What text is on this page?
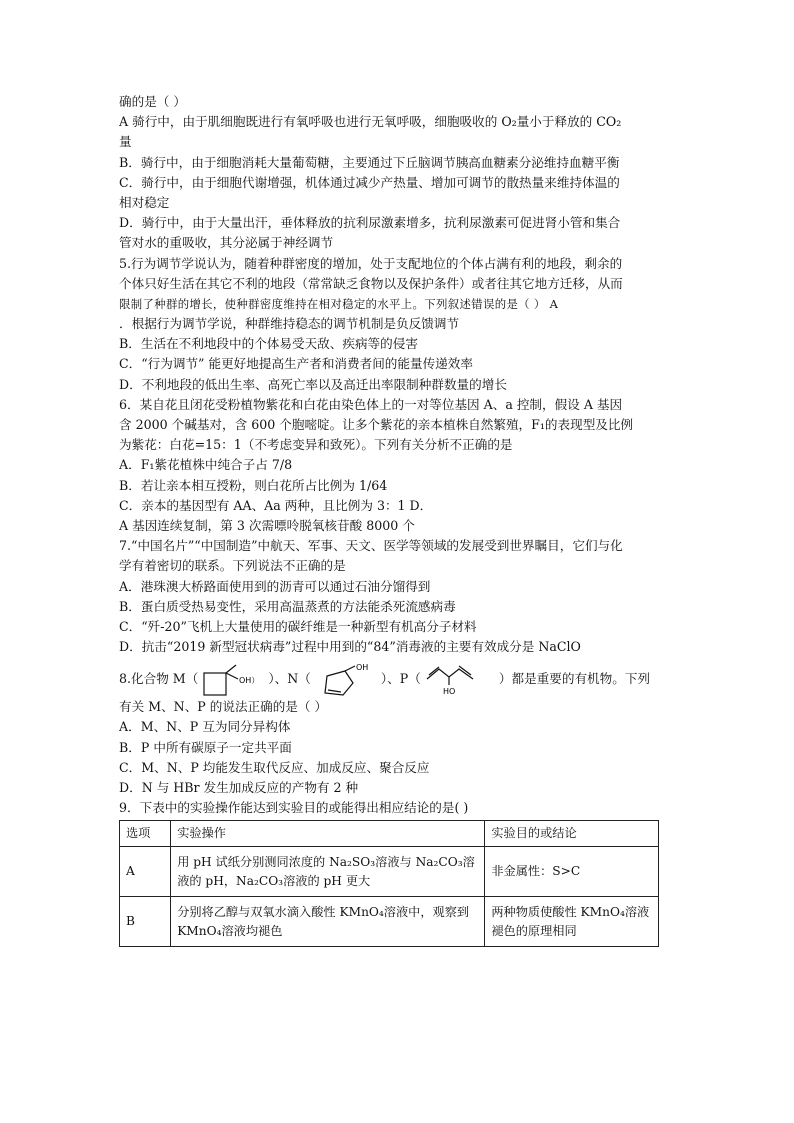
确的是（ ）
A 骑行中，由于肌细胞既进行有氧呼吸也进行无氧呼吸，细胞吸收的 O₂量小于释放的 CO₂
量
B．骑行中，由于细胞消耗大量葡萄糖，主要通过下丘脑调节胰高血糖素分泌维持血糖平衡
C．骑行中，由于细胞代谢增强，机体通过减少产热量、增加可调节的散热量来维持体温的
相对稳定
D．骑行中，由于大量出汗，垂体释放的抗利尿激素增多，抗利尿激素可促进肾小管和集合
管对水的重吸收，其分泌属于神经调节
5.行为调节学说认为，随着种群密度的增加，处于支配地位的个体占满有利的地段，剩余的
个体只好生活在其它不利的地段（常常缺乏食物以及保护条件）或者往其它地方迁移，从而
限制了种群的增长，使种群密度维持在相对稳定的水平上。下列叙述错误的是（ ） A
．根据行为调节学说，种群维持稳态的调节机制是负反馈调节
B．生活在不利地段中的个体易受天敌、疾病等的侵害
C．“行为调节” 能更好地提高生产者和消费者间的能量传递效率
D．不利地段的低出生率、高死亡率以及高迁出率限制种群数量的增长
6．某自花且闭花受粉植物紫花和白花由染色体上的一对等位基因 A、a 控制，假设 A 基因
含 2000 个碱基对，含 600 个胞嘧啶。让多个紫花的亲本植株自然繁殖，F₁的表现型及比例
为紫花：白花=15：1（不考虑变异和致死）。下列有关分析不正确的是
A．F₁紫花植株中纯合子占 7/8
B．若让亲本相互授粉，则白花所占比例为 1/64
C．亲本的基因型有 AA、Aa 两种，且比例为 3：1 D．
A 基因连续复制，第 3 次需嘌呤脱氧核苷酸 8000 个
7.“中国名片”“中国制造”中航天、军事、天文、医学等领域的发展受到世界瞩目，它们与化
学有着密切的联系。下列说法不正确的是
A．港珠澳大桥路面使用到的沥青可以通过石油分馏得到
B．蛋白质受热易变性，采用高温蒸煮的方法能杀死流感病毒
C．“歼-20”飞机上大量使用的碳纤维是一种新型有机高分子材料
D．抗击“2019 新型冠状病毒”过程中用到的“84”消毒液的主要有效成分是 NaClO
8.化合物 M（	OH） ）、N（
OH
）、P（
HO
）都是重要的有机物。下列
有关 M、N、P 的说法正确的是（ ）
A．M、N、P 互为同分异构体
B．P 中所有碳原子一定共平面
C．M、N、P 均能发生取代反应、加成反应、聚合反应
D．N 与 HBr 发生加成反应的产物有 2 种
9．下表中的实验操作能达到实验目的或能得出相应结论的是( )
选项	实验操作	实验目的或结论
A	用 pH 试纸分别测同浓度的 Na₂SO₃溶液与 Na₂CO₃溶液的 pH，Na₂CO₃溶液的 pH 更大	非金属性：S>C
B	分别将乙醇与双氧水滴入酸性 KMnO₄溶液中，观察到 KMnO₄溶液均褪色	两种物质使酸性 KMnO₄溶液褪色的原理相同
